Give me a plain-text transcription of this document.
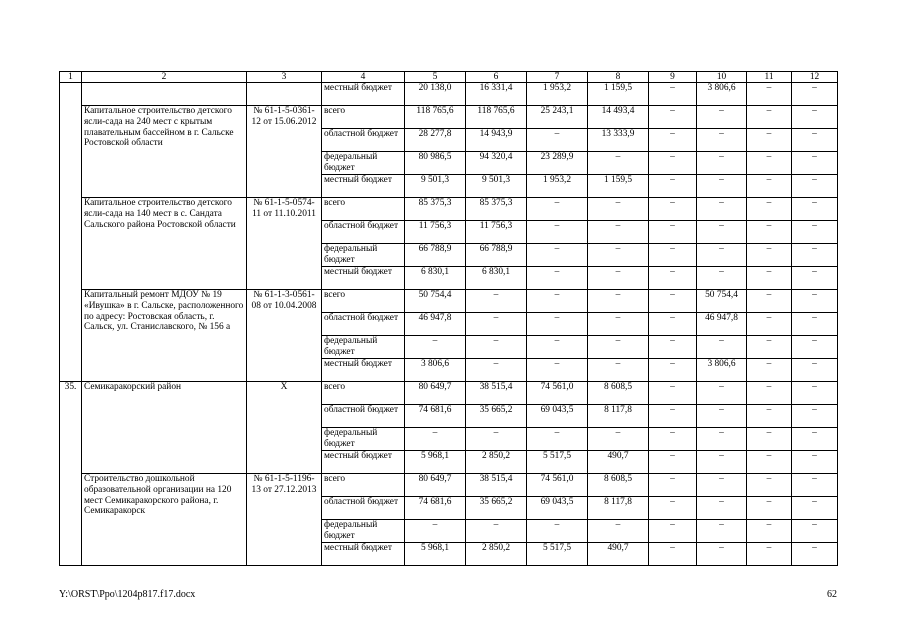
1	2	3	4	5	6	7	8	9	10	11	12
			местный бюджет	20 138,0	16 331,4	1 953,2	1 159,5	–	3 806,6	–	–
	Капитальное строительство детского ясли-сада на 240 мест с крытым плавательным бассейном в г. Сальске Ростовской области	№ 61-1-5-0361-12 от 15.06.2012	всего	118 765,6	118 765,6	25 243,1	14 493,4	–	–	–	–
			областной бюджет	28 277,8	14 943,9	–	13 333,9	–	–	–	–
			федеральный бюджет	80 986,5	94 320,4	23 289,9	–	–	–	–	–
			местный бюджет	9 501,3	9 501,3	1 953,2	1 159,5	–	–	–	–
	Капитальное строительство детского ясли-сада на 140 мест в с. Сандата Сальского района Ростовской области	№ 61-1-5-0574-11 от 11.10.2011	всего	85 375,3	85 375,3	–	–	–	–	–	–
			областной бюджет	11 756,3	11 756,3	–	–	–	–	–	–
			федеральный бюджет	66 788,9	66 788,9	–	–	–	–	–	–
			местный бюджет	6 830,1	6 830,1	–	–	–	–	–	–
	Капитальный ремонт МДОУ № 19 «Ивушка» в г. Сальске, расположенного по адресу: Ростовская область, г. Сальск, ул. Станиславского, № 156 а	№ 61-1-3-0561-08 от 10.04.2008	всего	50 754,4	–	–	–	–	50 754,4	–	–
			областной бюджет	46 947,8	–	–	–	–	46 947,8	–	–
			федеральный бюджет	–	–	–	–	–	–	–	–
			местный бюджет	3 806,6	–	–	–	–	3 806,6	–	–
35.	Семикаракорский район	Х	всего	80 649,7	38 515,4	74 561,0	8 608,5	–	–	–	–
			областной бюджет	74 681,6	35 665,2	69 043,5	8 117,8	–	–	–	–
			федеральный бюджет	–	–	–	–	–	–	–	–
			местный бюджет	5 968,1	2 850,2	5 517,5	490,7	–	–	–	–
	Строительство дошкольной образовательной организации на 120 мест Семикаракорского района, г. Семикаракорск	№ 61-1-5-1196-13 от 27.12.2013	всего	80 649,7	38 515,4	74 561,0	8 608,5	–	–	–	–
			областной бюджет	74 681,6	35 665,2	69 043,5	8 117,8	–	–	–	–
			федеральный бюджет	–	–	–	–	–	–	–	–
			местный бюджет	5 968,1	2 850,2	5 517,5	490,7	–	–	–	–
Y:\ORST\Ppo\1204p817.f17.docx	62
